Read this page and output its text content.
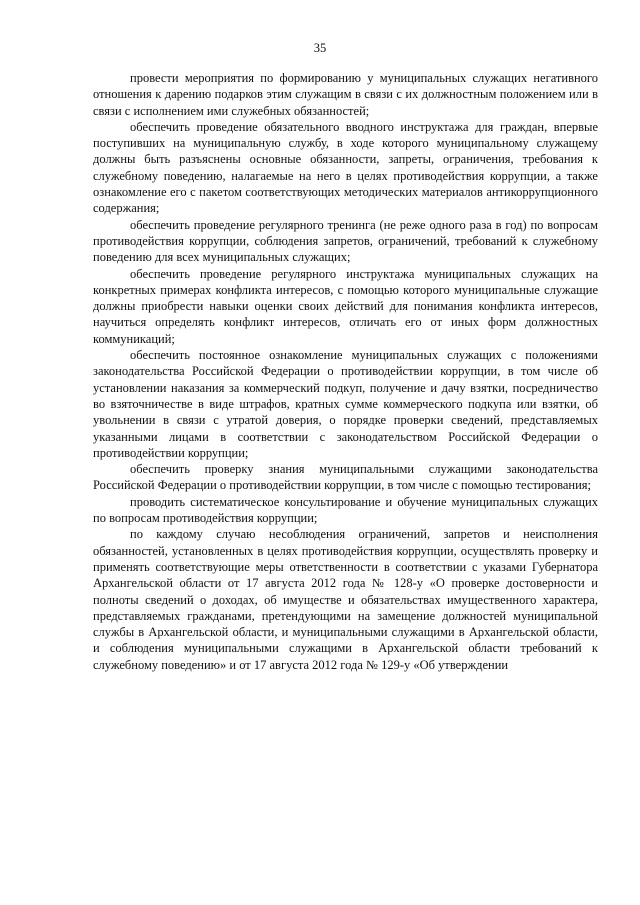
35

провести мероприятия по формированию у муниципальных служащих негативного отношения к дарению подарков этим служащим в связи с их должностным положением или в связи с исполнением ими служебных обязанностей;

обеспечить проведение обязательного вводного инструктажа для граждан, впервые поступивших на муниципальную службу, в ходе которого муниципальному служащему должны быть разъяснены основные обязанности, запреты, ограничения, требования к служебному поведению, налагаемые на него в целях противодействия коррупции, а также ознакомление его с пакетом соответствующих методических материалов антикоррупционного содержания;

обеспечить проведение регулярного тренинга (не реже одного раза в год) по вопросам противодействия коррупции, соблюдения запретов, ограничений, требований к служебному поведению для всех муниципальных служащих;

обеспечить проведение регулярного инструктажа муниципальных служащих на конкретных примерах конфликта интересов, с помощью которого муниципальные служащие должны приобрести навыки оценки своих действий для понимания конфликта интересов, научиться определять конфликт интересов, отличать его от иных форм должностных коммуникаций;

обеспечить постоянное ознакомление муниципальных служащих с положениями законодательства Российской Федерации о противодействии коррупции, в том числе об установлении наказания за коммерческий подкуп, получение и дачу взятки, посредничество во взяточничестве в виде штрафов, кратных сумме коммерческого подкупа или взятки, об увольнении в связи с утратой доверия, о порядке проверки сведений, представляемых указанными лицами в соответствии с законодательством Российской Федерации о противодействии коррупции;

обеспечить проверку знания муниципальными служащими законодательства Российской Федерации о противодействии коррупции, в том числе с помощью тестирования;

проводить систематическое консультирование и обучение муниципальных служащих по вопросам противодействия коррупции;

по каждому случаю несоблюдения ограничений, запретов и неисполнения обязанностей, установленных в целях противодействия коррупции, осуществлять проверку и применять соответствующие меры ответственности в соответствии с указами Губернатора Архангельской области от 17 августа 2012 года № 128-у «О проверке достоверности и полноты сведений о доходах, об имуществе и обязательствах имущественного характера, представляемых гражданами, претендующими на замещение должностей муниципальной службы в Архангельской области, и муниципальными служащими в Архангельской области, и соблюдения муниципальными служащими в Архангельской области требований к служебному поведению» и от 17 августа 2012 года № 129-у «Об утверждении
